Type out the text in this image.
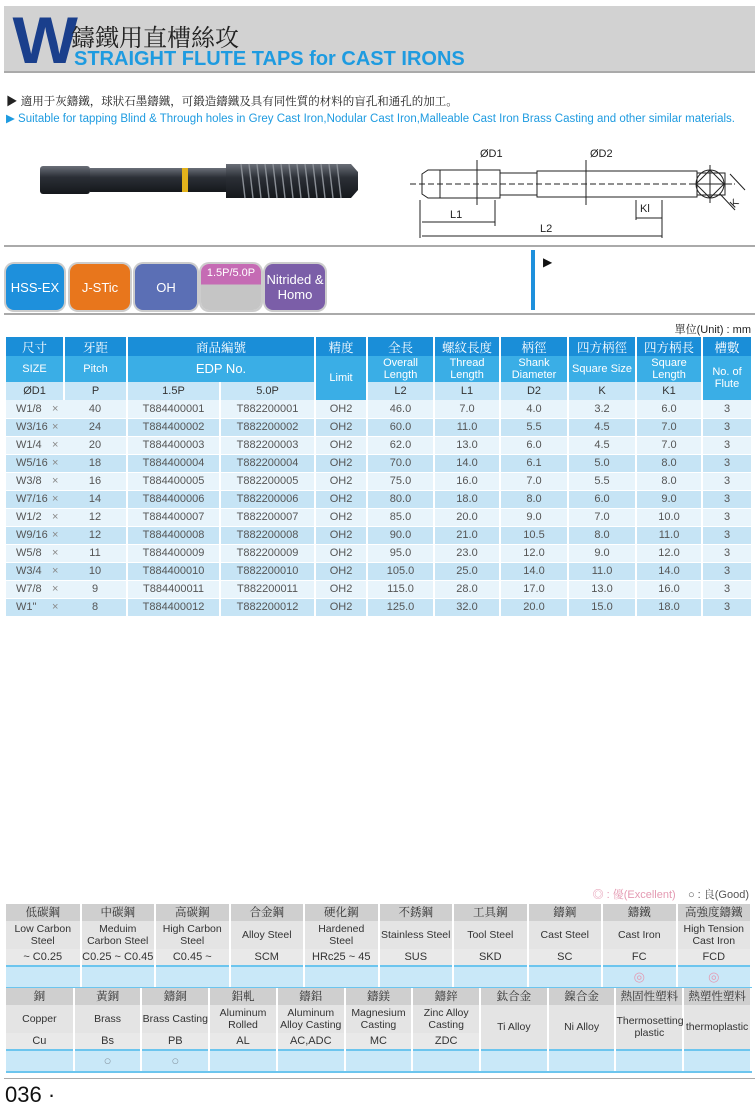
W
鑄鐵用直槽絲攻
STRAIGHT FLUTE TAPS for CAST IRONS
▶ 適用于灰鑄鐵，球狀石墨鑄鐵，可鍛造鑄鐵及具有同性質的材料的盲孔和通孔的加工。
▶ Suitable for tapping Blind & Through holes in Grey Cast Iron,Nodular Cast Iron,Malleable Cast Iron Brass Casting and other similar materials.
ØD1	ØD2
L1
L2
Kl	K
HSS-EX	J-STic	OH
1.5P/5.0P Nitrided & Homo
▶
單位(Unit) : mm
尺寸	牙距	商品編號		精度	全長	螺紋長度	柄徑	四方柄徑	四方柄長	槽數
SIZE	Pitch	EDP No.		Limit	Overall Length	Thread Length	Shank Diameter	Square Size	Square Length	No. of Flute
ØD1	P	1.5P	5.0P		L2	L1	D2	K	K1	
W1/8 ×	40	T884400001	T882200001	OH2	46.0	7.0	4.0	3.2	6.0	3
W3/16 ×	24	T884400002	T882200002	OH2	60.0	11.0	5.5	4.5	7.0	3
W1/4 ×	20	T884400003	T882200003	OH2	62.0	13.0	6.0	4.5	7.0	3
W5/16 ×	18	T884400004	T882200004	OH2	70.0	14.0	6.1	5.0	8.0	3
W3/8 ×	16	T884400005	T882200005	OH2	75.0	16.0	7.0	5.5	8.0	3
W7/16 ×	14	T884400006	T882200006	OH2	80.0	18.0	8.0	6.0	9.0	3
W1/2 ×	12	T884400007	T882200007	OH2	85.0	20.0	9.0	7.0	10.0	3
W9/16 ×	12	T884400008	T882200008	OH2	90.0	21.0	10.5	8.0	11.0	3
W5/8 ×	11	T884400009	T882200009	OH2	95.0	23.0	12.0	9.0	12.0	3
W3/4 ×	10	T884400010	T882200010	OH2	105.0	25.0	14.0	11.0	14.0	3
W7/8 ×	9	T884400011	T882200011	OH2	115.0	28.0	17.0	13.0	16.0	3
W1" ×	8	T884400012	T882200012	OH2	125.0	32.0	20.0	15.0	18.0	3
◎ : 優(Excellent) ○ : 良(Good)
低碳鋼	中碳鋼	高碳鋼	合金鋼	硬化鋼	不銹鋼	工具鋼	鑄鋼	鑄鐵	高強度鑄鐵
Low Carbon Steel	Meduim Carbon Steel	High Carbon Steel	Alloy Steel	Hardened Steel	Stainless Steel	Tool Steel	Cast Steel	Cast Iron	High Tension Cast Iron
~ C0.25	C0.25 ~ C0.45	C0.45 ~	SCM	HRc25 ~ 45	SUS	SKD	SC	FC	FCD
								◎	◎
銅	黃銅	鑄銅	鋁軋	鑄鋁	鑄鎂	鑄鋅	鈦合金	鎳合金	熱固性塑料	熱塑性塑料
Copper	Brass	Brass Casting	Aluminum Rolled	Aluminum Alloy Casting	Magnesium Casting	Zinc Alloy Casting	Ti Alloy	Ni Alloy	Thermosetting plastic	thermoplastic
Cu	Bs	PB	AL	AC,ADC	MC	ZDC				
	○	○								
036 ·
